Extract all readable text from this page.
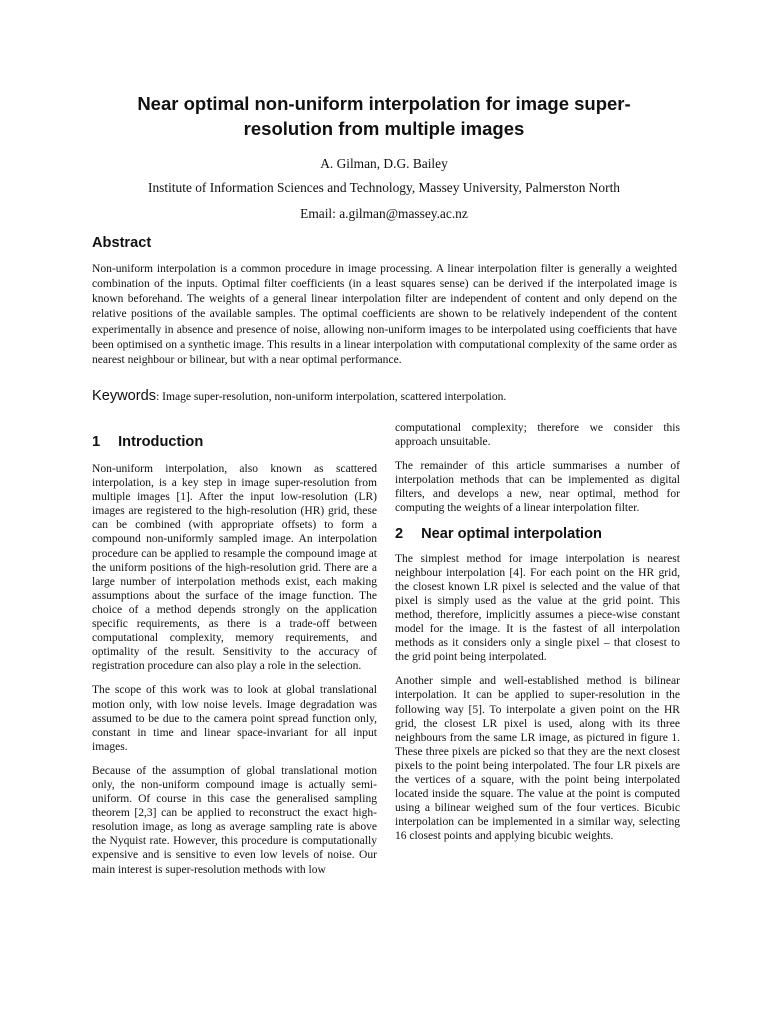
Near optimal non-uniform interpolation for image super-resolution from multiple images
A. Gilman, D.G. Bailey
Institute of Information Sciences and Technology, Massey University, Palmerston North
Email: a.gilman@massey.ac.nz
Abstract

Non-uniform interpolation is a common procedure in image processing. A linear interpolation filter is generally a weighted combination of the inputs. Optimal filter coefficients (in a least squares sense) can be derived if the interpolated image is known beforehand. The weights of a general linear interpolation filter are independent of content and only depend on the relative positions of the available samples. The optimal coefficients are shown to be relatively independent of the content experimentally in absence and presence of noise, allowing non-uniform images to be interpolated using coefficients that have been optimised on a synthetic image. This results in a linear interpolation with computational complexity of the same order as nearest neighbour or bilinear, but with a near optimal performance.

Keywords: Image super-resolution, non-uniform interpolation, scattered interpolation.

1 Introduction

Non-uniform interpolation, also known as scattered interpolation, is a key step in image super-resolution from multiple images [1]. After the input low-resolution (LR) images are registered to the high-resolution (HR) grid, these can be combined (with appropriate offsets) to form a compound non-uniformly sampled image. An interpolation procedure can be applied to resample the compound image at the uniform positions of the high-resolution grid. There are a large number of interpolation methods exist, each making assumptions about the surface of the image function. The choice of a method depends strongly on the application specific requirements, as there is a trade-off between computational complexity, memory requirements, and optimality of the result. Sensitivity to the accuracy of registration procedure can also play a role in the selection.

The scope of this work was to look at global translational motion only, with low noise levels. Image degradation was assumed to be due to the camera point spread function only, constant in time and linear space-invariant for all input images.

Because of the assumption of global translational motion only, the non-uniform compound image is actually semi-uniform. Of course in this case the generalised sampling theorem [2,3] can be applied to reconstruct the exact high-resolution image, as long as average sampling rate is above the Nyquist rate. However, this procedure is computationally expensive and is sensitive to even low levels of noise. Our main interest is super-resolution methods with low

computational complexity; therefore we consider this approach unsuitable.

The remainder of this article summarises a number of interpolation methods that can be implemented as digital filters, and develops a new, near optimal, method for computing the weights of a linear interpolation filter.

2 Near optimal interpolation

The simplest method for image interpolation is nearest neighbour interpolation [4]. For each point on the HR grid, the closest known LR pixel is selected and the value of that pixel is simply used as the value at the grid point. This method, therefore, implicitly assumes a piece-wise constant model for the image. It is the fastest of all interpolation methods as it considers only a single pixel – that closest to the grid point being interpolated.

Another simple and well-established method is bilinear interpolation. It can be applied to super-resolution in the following way [5]. To interpolate a given point on the HR grid, the closest LR pixel is used, along with its three neighbours from the same LR image, as pictured in figure 1. These three pixels are picked so that they are the next closest pixels to the point being interpolated. The four LR pixels are the vertices of a square, with the point being interpolated located inside the square. The value at the point is computed using a bilinear weighed sum of the four vertices. Bicubic interpolation can be implemented in a similar way, selecting 16 closest points and applying bicubic weights.
